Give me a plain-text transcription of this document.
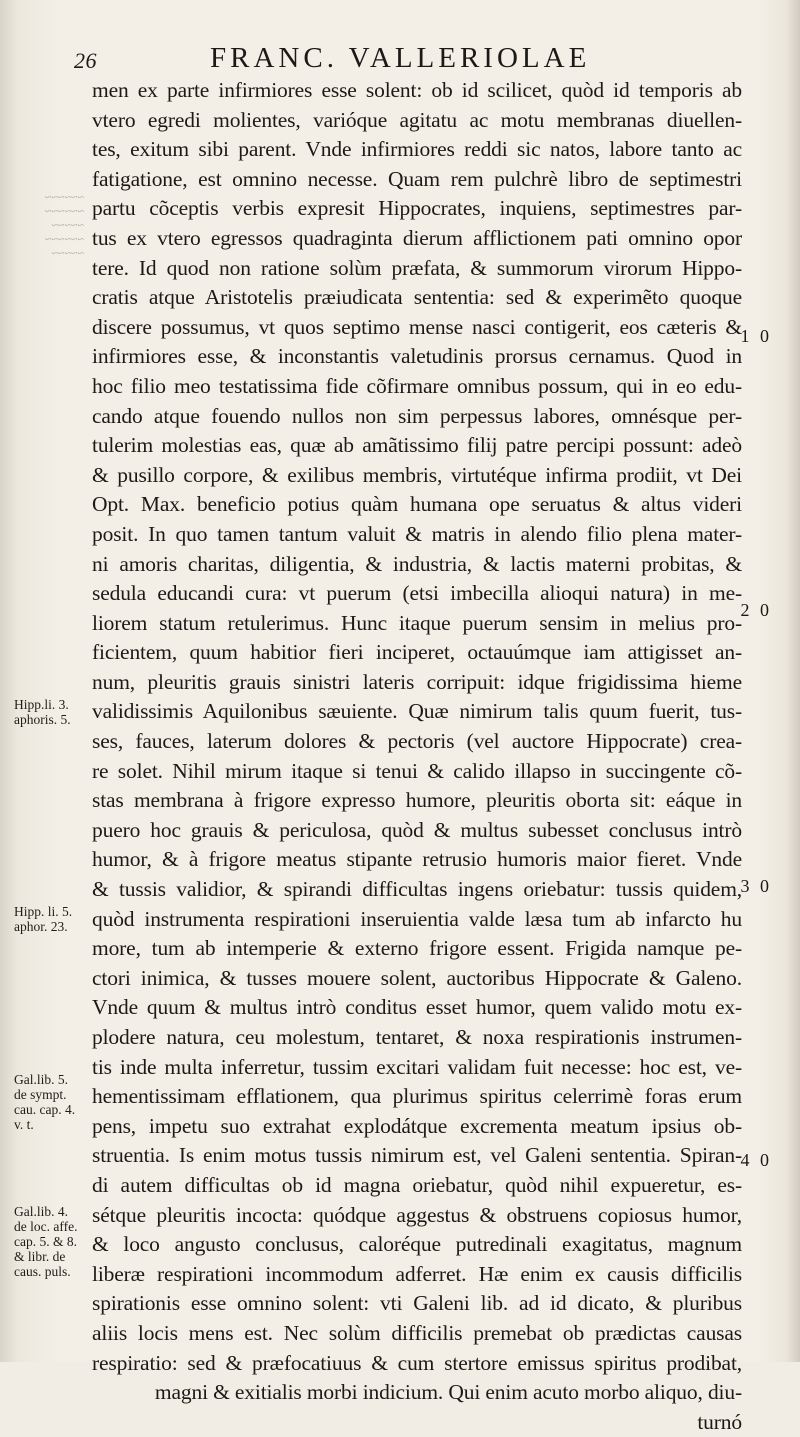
26	FRANC. VALLERIOLAE
~~~~~~
~~~~~~
~~~~~
~~~~~~
~~~~~
men ex parte infirmiores esse solent: ob id scilicet, quòd id temporis ab
vtero egredi molientes, varióque agitatu ac motu membranas diuellen-
tes, exitum sibi parent. Vnde infirmiores reddi sic natos, labore tanto ac
fatigatione, est omnino necesse. Quam rem pulchrè libro de septimestri
partu cõceptis verbis expresit Hippocrates, inquiens, septimestres par-
tus ex vtero egressos quadraginta dierum afflictionem pati omnino opor
tere. Id quod non ratione solùm præfata, & summorum virorum Hippo-
cratis atque Aristotelis præiudicata sententia: sed & experimẽto quoque
discere possumus, vt quos septimo mense nasci contigerit, eos cæteris &
infirmiores esse, & inconstantis valetudinis prorsus cernamus. Quod in
hoc filio meo testatissima fide cõfirmare omnibus possum, qui in eo edu-
cando atque fouendo nullos non sim perpessus labores, omnésque per-
tulerim molestias eas, quæ ab amãtissimo filij patre percipi possunt: adeò
& pusillo corpore, & exilibus membris, virtutéque infirma prodiit, vt Dei
Opt. Max. beneficio potius quàm humana ope seruatus & altus videri
posit. In quo tamen tantum valuit & matris in alendo filio plena mater-
ni amoris charitas, diligentia, & industria, & lactis materni probitas, &
sedula educandi cura: vt puerum (etsi imbecilla alioqui natura) in me-
liorem statum retulerimus. Hunc itaque puerum sensim in melius pro-
ficientem, quum habitior fieri inciperet, octauúmque iam attigisset an-
num, pleuritis grauis sinistri lateris corripuit: idque frigidissima hieme
validissimis Aquilonibus sæuiente. Quæ nimirum talis quum fuerit, tus-
ses, fauces, laterum dolores & pectoris (vel auctore Hippocrate) crea-
re solet. Nihil mirum itaque si tenui & calido illapso in succingente cõ-
stas membrana à frigore expresso humore, pleuritis oborta sit: eáque in
puero hoc grauis & periculosa, quòd & multus subesset conclusus intrò
humor, & à frigore meatus stipante retrusio humoris maior fieret. Vnde
& tussis validior, & spirandi difficultas ingens oriebatur: tussis quidem,
quòd instrumenta respirationi inseruientia valde læsa tum ab infarcto hu
more, tum ab intemperie & externo frigore essent. Frigida namque pe-
ctori inimica, & tusses mouere solent, auctoribus Hippocrate & Galeno.
Vnde quum & multus intrò conditus esset humor, quem valido motu ex-
plodere natura, ceu molestum, tentaret, & noxa respirationis instrumen-
tis inde multa inferretur, tussim excitari validam fuit necesse: hoc est, ve-
hementissimam efflationem, qua plurimus spiritus celerrimè foras erum
pens, impetu suo extrahat explodátque excrementa meatum ipsius ob-
struentia. Is enim motus tussis nimirum est, vel Galeni sententia. Spiran-
di autem difficultas ob id magna oriebatur, quòd nihil expueretur, es-
sétque pleuritis incocta: quódque aggestus & obstruens copiosus humor,
& loco angusto conclusus, caloréque putredinali exagitatus, magnum
liberæ respirationi incommodum adferret. Hæ enim ex causis difficilis
spirationis esse omnino solent: vti Galeni lib. ad id dicato, & pluribus
aliis locis mens est. Nec solùm difficilis premebat ob prædictas causas
respiratio: sed & præfocatiuus & cum stertore emissus spiritus prodibat,
magni & exitialis morbi indicium. Qui enim acuto morbo aliquo, diu-
turnó
1 0
2 0
3 0
4 0
Hipp.li. 3.
aphoris. 5.
Hipp. li. 5.
aphor. 23.
Gal.lib. 5.
de sympt.
cau. cap. 4.
v. t.
Gal.lib. 4.
de loc. affe.
cap. 5. & 8.
& libr. de
caus. puls.
